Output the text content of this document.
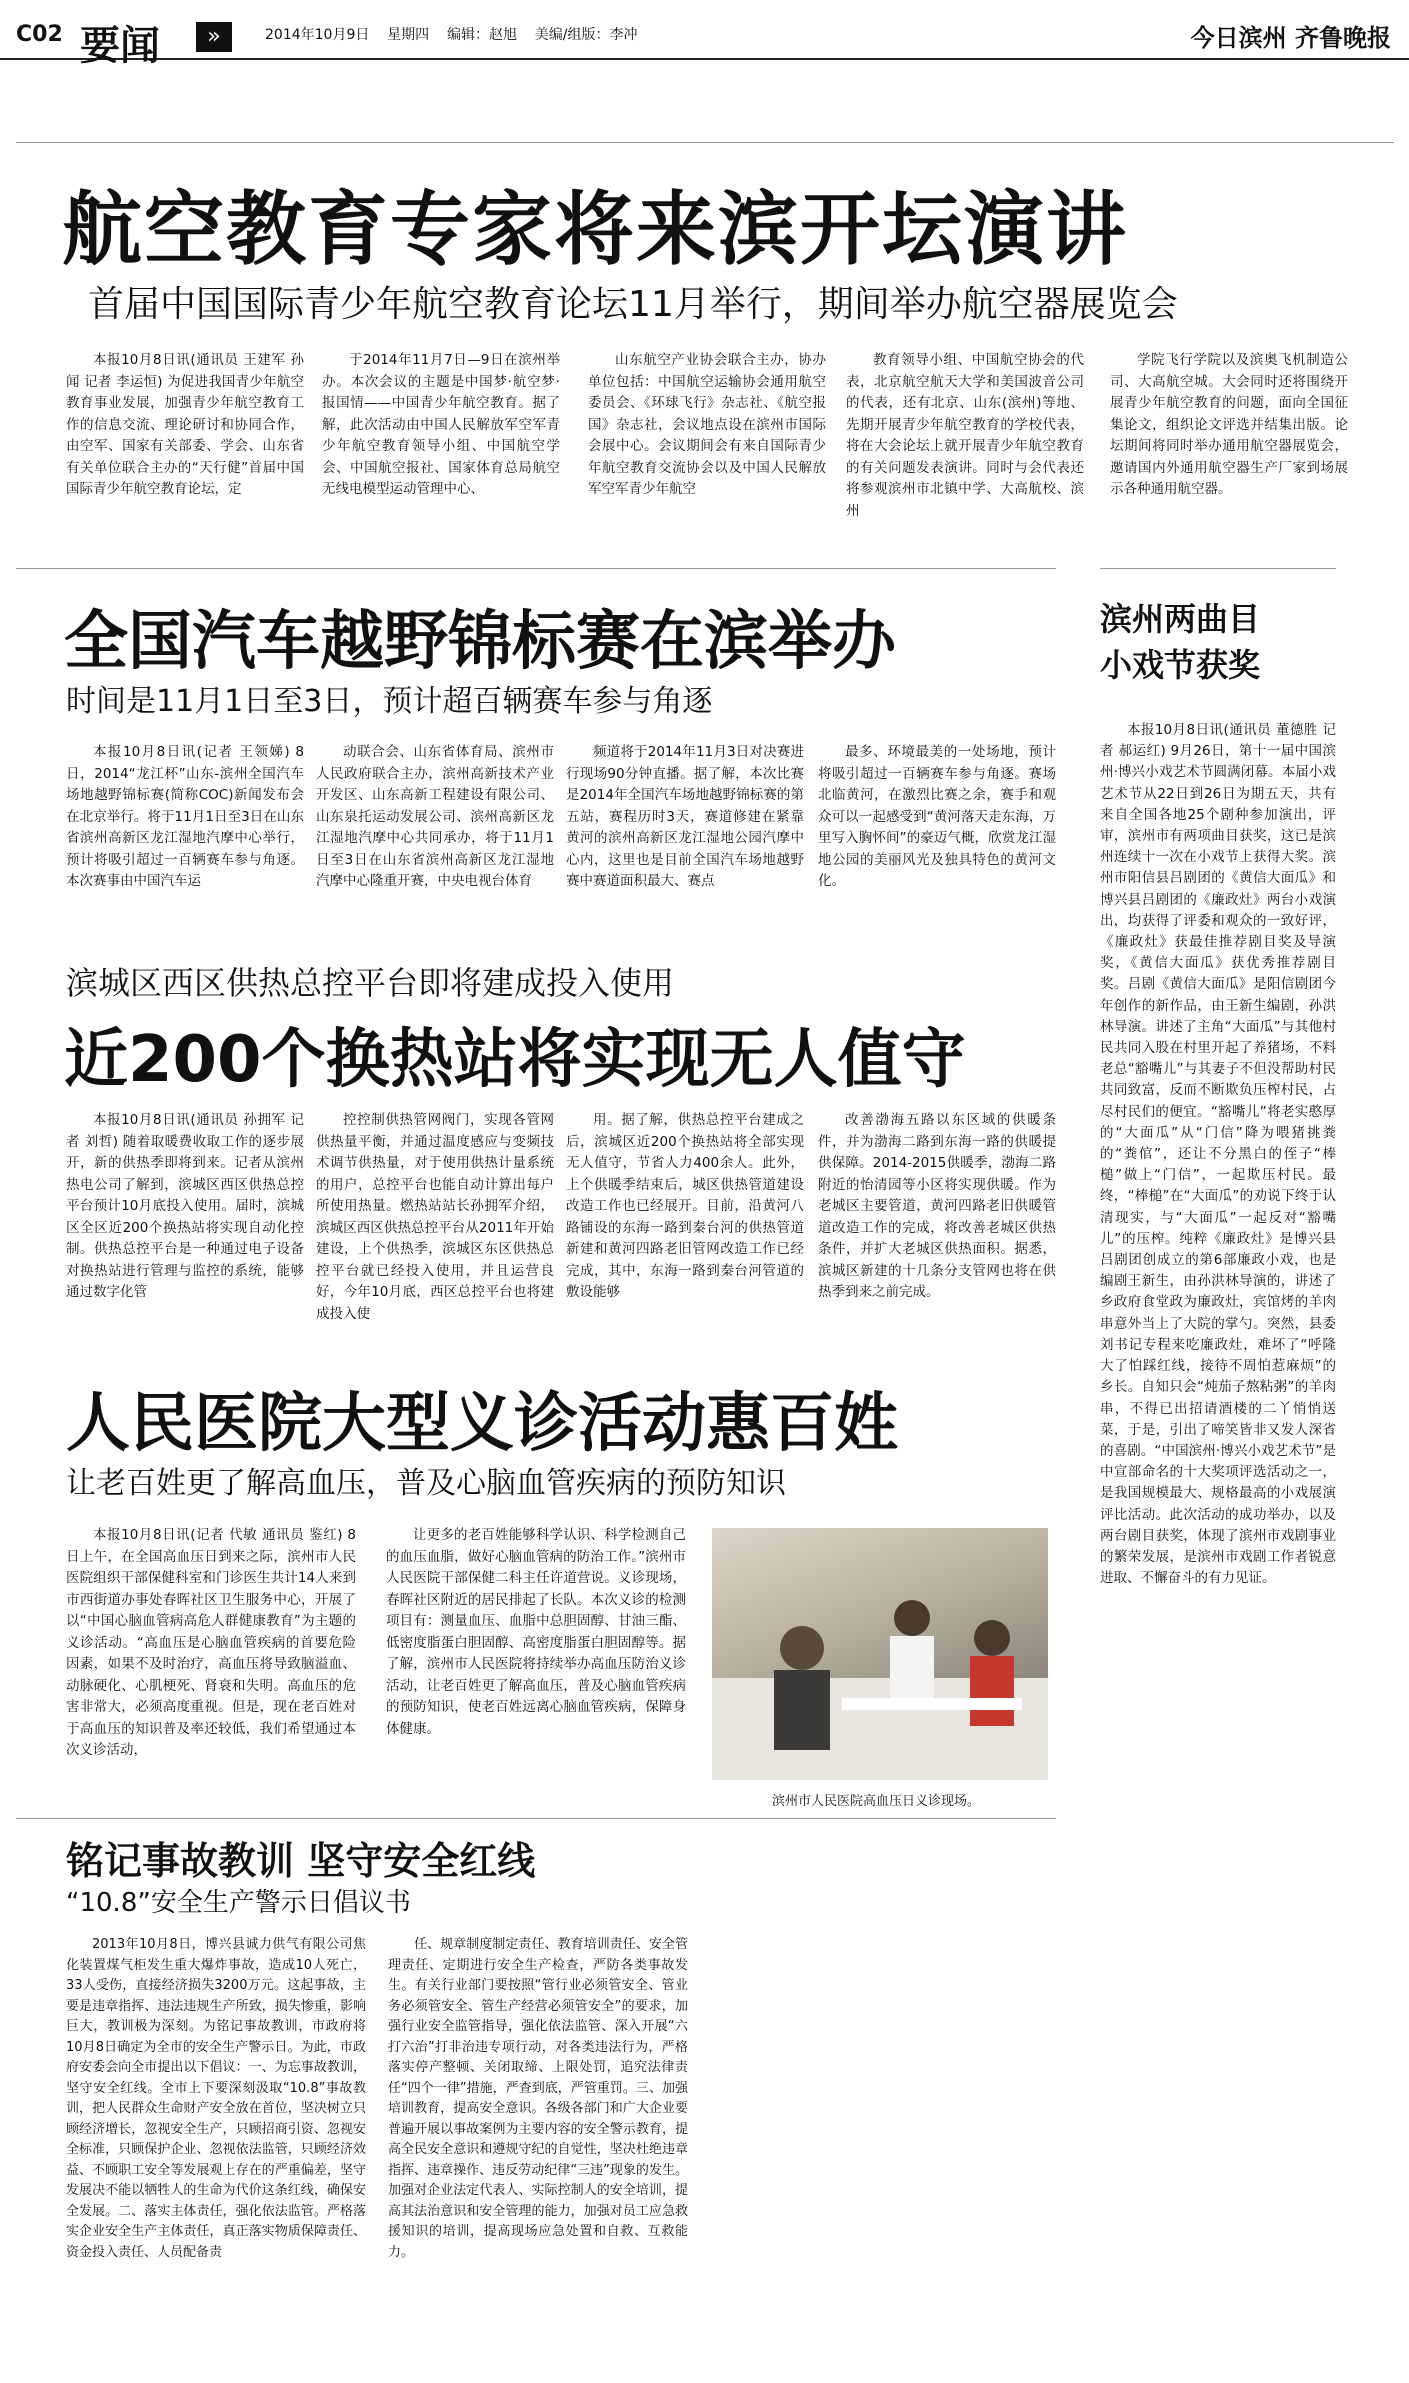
C02 要闻	»	2014年10月9日    星期四    编辑：赵旭    美编/组版：李冲	今日滨州 齐鲁晚报
航空教育专家将来滨开坛演讲
首届中国国际青少年航空教育论坛11月举行，期间举办航空器展览会

本报10月8日讯(通讯员 王建军 孙闻 记者 李运恒) 为促进我国青少年航空教育事业发展，加强青少年航空教育工作的信息交流、理论研讨和协同合作，由空军、国家有关部委、学会、山东省有关单位联合主办的“天行健”首届中国国际青少年航空教育论坛，定

于2014年11月7日—9日在滨州举办。本次会议的主题是中国梦·航空梦·报国情——中国青少年航空教育。据了解，此次活动由中国人民解放军空军青少年航空教育领导小组、中国航空学会、中国航空报社、国家体育总局航空无线电模型运动管理中心、

山东航空产业协会联合主办，协办单位包括：中国航空运输协会通用航空委员会、《环球飞行》杂志社、《航空报国》杂志社，会议地点设在滨州市国际会展中心。会议期间会有来自国际青少年航空教育交流协会以及中国人民解放军空军青少年航空

教育领导小组、中国航空协会的代表，北京航空航天大学和美国波音公司的代表，还有北京、山东(滨州)等地、先期开展青少年航空教育的学校代表，将在大会论坛上就开展青少年航空教育的有关问题发表演讲。同时与会代表还将参观滨州市北镇中学、大高航校、滨州

学院飞行学院以及滨奥飞机制造公司、大高航空城。大会同时还将围绕开展青少年航空教育的问题，面向全国征集论文，组织论文评选并结集出版。论坛期间将同时举办通用航空器展览会，邀请国内外通用航空器生产厂家到场展示各种通用航空器。

全国汽车越野锦标赛在滨举办
时间是11月1日至3日，预计超百辆赛车参与角逐

本报10月8日讯(记者 王领娣) 8日，2014“龙江杯”山东-滨州全国汽车场地越野锦标赛(简称COC)新闻发布会在北京举行。将于11月1日至3日在山东省滨州高新区龙江湿地汽摩中心举行，预计将吸引超过一百辆赛车参与角逐。本次赛事由中国汽车运

动联合会、山东省体育局、滨州市人民政府联合主办，滨州高新技术产业开发区、山东高新工程建设有限公司、山东泉托运动发展公司、滨州高新区龙江湿地汽摩中心共同承办，将于11月1日至3日在山东省滨州高新区龙江湿地汽摩中心隆重开赛，中央电视台体育

频道将于2014年11月3日对决赛进行现场90分钟直播。据了解，本次比赛是2014年全国汽车场地越野锦标赛的第五站，赛程历时3天，赛道修建在紧靠黄河的滨州高新区龙江湿地公园汽摩中心内，这里也是目前全国汽车场地越野赛中赛道面积最大、赛点

最多、环境最美的一处场地，预计将吸引超过一百辆赛车参与角逐。赛场北临黄河，在激烈比赛之余，赛手和观众可以一起感受到“黄河落天走东海，万里写入胸怀间”的豪迈气概，欣赏龙江湿地公园的美丽风光及独具特色的黄河文化。

滨城区西区供热总控平台即将建成投入使用
近200个换热站将实现无人值守

本报10月8日讯(通讯员 孙拥军 记者 刘哲) 随着取暖费收取工作的逐步展开，新的供热季即将到来。记者从滨州热电公司了解到，滨城区西区供热总控平台预计10月底投入使用。届时，滨城区全区近200个换热站将实现自动化控制。供热总控平台是一种通过电子设备对换热站进行管理与监控的系统，能够通过数字化管

控控制供热管网阀门，实现各管网供热量平衡，并通过温度感应与变频技术调节供热量，对于使用供热计量系统的用户，总控平台也能自动计算出每户所使用热量。燃热站站长孙拥军介绍，滨城区西区供热总控平台从2011年开始建设，上个供热季，滨城区东区供热总控平台就已经投入使用，并且运营良好，今年10月底，西区总控平台也将建成投入使

用。据了解，供热总控平台建成之后，滨城区近200个换热站将全部实现无人值守，节省人力400余人。此外，上个供暖季结束后，城区供热管道建设改造工作也已经展开。目前，沿黄河八路铺设的东海一路到秦台河的供热管道新建和黄河四路老旧管网改造工作已经完成，其中，东海一路到秦台河管道的敷设能够

改善渤海五路以东区域的供暖条件，并为渤海二路到东海一路的供暖提供保障。2014-2015供暖季，渤海二路附近的怡清园等小区将实现供暖。作为老城区主要管道，黄河四路老旧供暖管道改造工作的完成，将改善老城区供热条件，并扩大老城区供热面积。据悉，滨城区新建的十几条分支管网也将在供热季到来之前完成。

人民医院大型义诊活动惠百姓
让老百姓更了解高血压，普及心脑血管疾病的预防知识

本报10月8日讯(记者 代敏 通讯员 鉴红) 8日上午，在全国高血压日到来之际，滨州市人民医院组织干部保健科室和门诊医生共计14人来到市西街道办事处春晖社区卫生服务中心，开展了以“中国心脑血管病高危人群健康教育”为主题的义诊活动。“高血压是心脑血管疾病的首要危险因素，如果不及时治疗，高血压将导致脑溢血、动脉硬化、心肌梗死、肾衰和失明。高血压的危害非常大，必须高度重视。但是，现在老百姓对于高血压的知识普及率还较低，我们希望通过本次义诊活动，

让更多的老百姓能够科学认识、科学检测自己的血压血脂，做好心脑血管病的防治工作。”滨州市人民医院干部保健二科主任许道营说。义诊现场，春晖社区附近的居民排起了长队。本次义诊的检测项目有：测量血压、血脂中总胆固醇、甘油三酯、低密度脂蛋白胆固醇、高密度脂蛋白胆固醇等。据了解，滨州市人民医院将持续举办高血压防治义诊活动，让老百姓更了解高血压，普及心脑血管疾病的预防知识，使老百姓远离心脑血管疾病，保障身体健康。

滨州市人民医院高血压日义诊现场。
铭记事故教训 坚守安全红线
“10.8”安全生产警示日倡议书

2013年10月8日，博兴县诚力供气有限公司焦化装置煤气柜发生重大爆炸事故，造成10人死亡，33人受伤，直接经济损失3200万元。这起事故，主要是违章指挥、违法违规生产所致，损失惨重，影响巨大，教训极为深刻。为铭记事故教训，市政府将10月8日确定为全市的安全生产警示日。为此，市政府安委会向全市提出以下倡议：一、为忘事故教训，坚守安全红线。全市上下要深刻汲取“10.8”事故教训，把人民群众生命财产安全放在首位，坚决树立只顾经济增长，忽视安全生产，只顾招商引资、忽视安全标准，只顾保护企业、忽视依法监管，只顾经济效益、不顾职工安全等发展观上存在的严重偏差，坚守发展决不能以牺牲人的生命为代价这条红线，确保安全发展。二、落实主体责任，强化依法监管。严格落实企业安全生产主体责任，真正落实物质保障责任、资金投入责任、人员配备责

任、规章制度制定责任、教育培训责任、安全管理责任、定期进行安全生产检查，严防各类事故发生。有关行业部门要按照“管行业必须管安全、管业务必须管安全、管生产经营必须管安全”的要求，加强行业安全监管指导，强化依法监管、深入开展“六打六治”打非治违专项行动，对各类违法行为，严格落实停产整顿、关闭取缔、上限处罚，追究法律责任“四个一律”措施，严查到底，严管重罚。三、加强培训教育，提高安全意识。各级各部门和广大企业要普遍开展以事故案例为主要内容的安全警示教育，提高全民安全意识和遵规守纪的自觉性，坚决杜绝违章指挥、违章操作、违反劳动纪律“三违”现象的发生。加强对企业法定代表人、实际控制人的安全培训，提高其法治意识和安全管理的能力，加强对员工应急救援知识的培训，提高现场应急处置和自救、互救能力。

滨州两曲目
小戏节获奖

本报10月8日讯(通讯员 董德胜 记者 郝运红) 9月26日，第十一届中国滨州·博兴小戏艺术节圆满闭幕。本届小戏艺术节从22日到26日为期五天，共有来自全国各地25个剧种参加演出，评审，滨州市有两项曲目获奖，这已是滨州连续十一次在小戏节上获得大奖。滨州市阳信县吕剧团的《黄信大面瓜》和博兴县吕剧团的《廉政灶》两台小戏演出，均获得了评委和观众的一致好评，《廉政灶》获最佳推荐剧目奖及导演奖，《黄信大面瓜》获优秀推荐剧目奖。吕剧《黄信大面瓜》是阳信剧团今年创作的新作品，由王新生编剧，孙洪林导演。讲述了主角“大面瓜”与其他村民共同入股在村里开起了养猪场，不料老总“豁嘴儿”与其妻子不但没帮助村民共同致富，反而不断欺负压榨村民，占尽村民们的便宜。“豁嘴儿”将老实憨厚的“大面瓜”从“门信”降为喂猪挑粪的“粪倌”，还让不分黑白的侄子“棒槌”做上“门信”，一起欺压村民。最终，“棒槌”在“大面瓜”的劝说下终于认清现实，与“大面瓜”一起反对“豁嘴儿”的压榨。纯粹《廉政灶》是博兴县吕剧团创成立的第6部廉政小戏，也是编剧王新生，由孙洪林导演的，讲述了乡政府食堂政为廉政灶，宾馆烤的羊肉串意外当上了大院的掌勺。突然，县委刘书记专程来吃廉政灶，难坏了“呼隆大了怕踩红线，接待不周怕惹麻烦”的乡长。自知只会“炖茄子熬粘粥”的羊肉串，不得已出招请酒楼的二丫悄悄送菜，于是，引出了啼笑皆非又发人深省的喜剧。“中国滨州·博兴小戏艺术节”是中宣部命名的十大奖项评选活动之一，是我国规模最大、规格最高的小戏展演评比活动。此次活动的成功举办，以及两台剧目获奖，体现了滨州市戏剧事业的繁荣发展，是滨州市戏剧工作者锐意进取、不懈奋斗的有力见证。
